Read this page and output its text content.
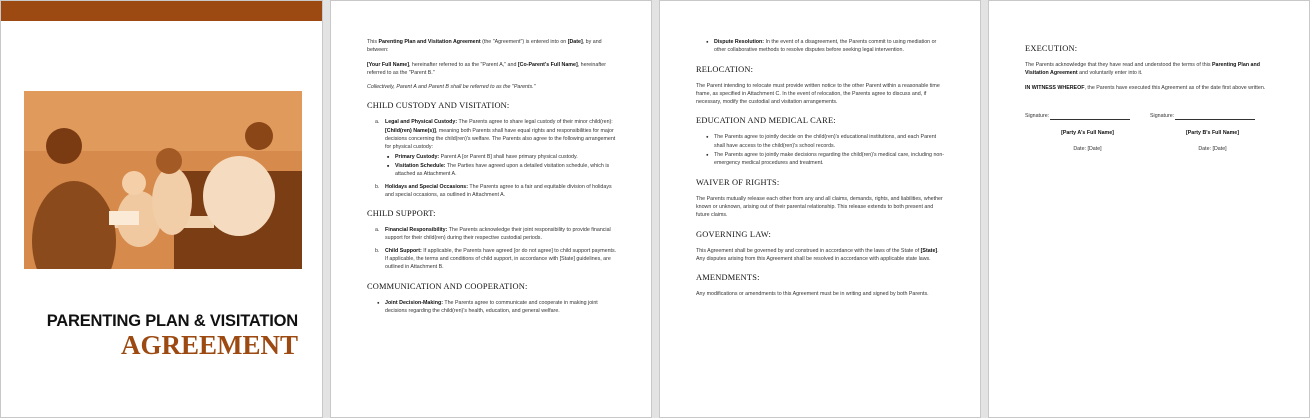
PARENTING PLAN & VISITATION
AGREEMENT

This Parenting Plan and Visitation Agreement (the "Agreement") is entered into on [Date], by and between:

[Your Full Name], hereinafter referred to as the "Parent A," and [Co-Parent's Full Name], hereinafter referred to as the "Parent B."

Collectively, Parent A and Parent B shall be referred to as the "Parents."

CHILD CUSTODY AND VISITATION:
a. Legal and Physical Custody: The Parents agree to share legal custody of their minor child(ren): [Child(ren) Name(s)], meaning both Parents shall have equal rights and responsibilities for major decisions concerning the child(ren)'s welfare. The Parents also agree to the following arrangement for physical custody:
■ Primary Custody: Parent A [or Parent B] shall have primary physical custody.
■ Visitation Schedule: The Parties have agreed upon a detailed visitation schedule, which is attached as Attachment A.
b. Holidays and Special Occasions: The Parents agree to a fair and equitable division of holidays and special occasions, as outlined in Attachment A.
CHILD SUPPORT:
a. Financial Responsibility: The Parents acknowledge their joint responsibility to provide financial support for their child(ren) during their respective custodial periods.
b. Child Support: If applicable, the Parents have agreed [or do not agree] to child support payments. If applicable, the terms and conditions of child support, in accordance with [State] guidelines, are outlined in Attachment B.
COMMUNICATION AND COOPERATION:
● Joint Decision-Making: The Parents agree to communicate and cooperate in making joint decisions regarding the child(ren)'s health, education, and general welfare.
● Dispute Resolution: In the event of a disagreement, the Parents commit to using mediation or other collaborative methods to resolve disputes before seeking legal intervention.
RELOCATION:

The Parent intending to relocate must provide written notice to the other Parent within a reasonable time frame, as specified in Attachment C. In the event of relocation, the Parents agree to discuss and, if necessary, modify the custodial and visitation arrangements.

EDUCATION AND MEDICAL CARE:
● The Parents agree to jointly decide on the child(ren)'s educational institutions, and each Parent shall have access to the child(ren)'s school records.
● The Parents agree to jointly make decisions regarding the child(ren)'s medical care, including non-emergency medical procedures and treatment.
WAIVER OF RIGHTS:

The Parents mutually release each other from any and all claims, demands, rights, and liabilities, whether known or unknown, arising out of their parental relationship. This release extends to both present and future claims.

GOVERNING LAW:

This Agreement shall be governed by and construed in accordance with the laws of the State of [State]. Any disputes arising from this Agreement shall be resolved in accordance with applicable state laws.

AMENDMENTS:

Any modifications or amendments to this Agreement must be in writing and signed by both Parents.

EXECUTION:

The Parents acknowledge that they have read and understood the terms of this Parenting Plan and Visitation Agreement and voluntarily enter into it.

IN WITNESS WHEREOF, the Parents have executed this Agreement as of the date first above written.

Signature:
[Party A's Full Name]
Date: [Date]
Signature:
[Party B's Full Name]
Date: [Date]
